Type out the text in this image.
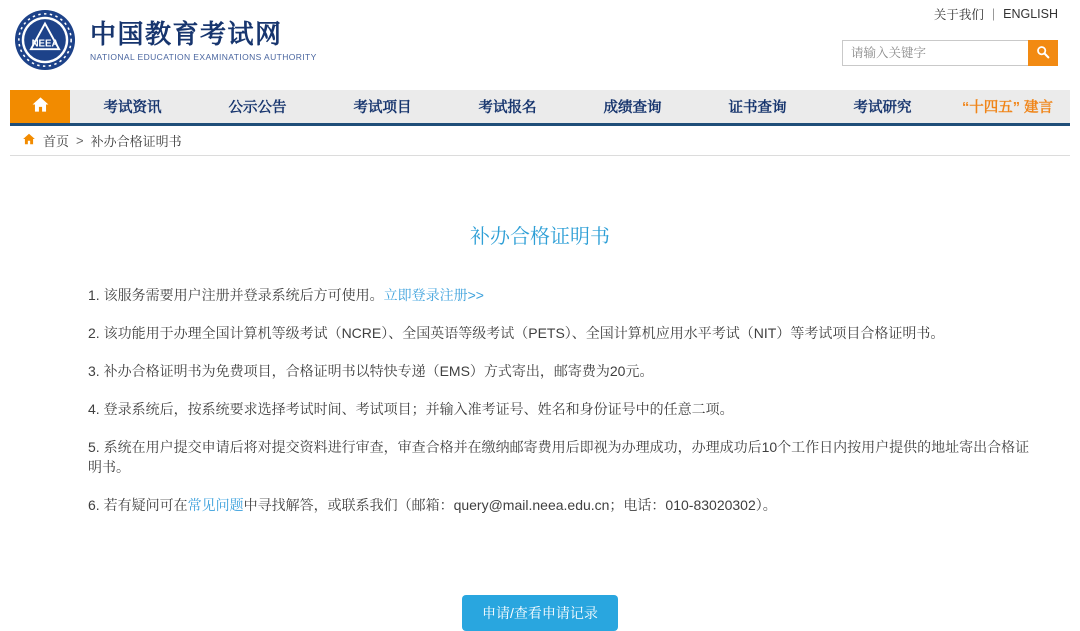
NEEA 中国教育考试网
NATIONAL EDUCATION EXAMINATIONS AUTHORITY
关于我们 | ENGLISH
请输入关键字
考试资讯	公示公告	考试项目	考试报名	成绩查询	证书查询	考试研究	“十四五” 建言
首页 > 补办合格证明书
补办合格证明书

1. 该服务需要用户注册并登录系统后方可使用。立即登录注册>>

2. 该功能用于办理全国计算机等级考试（NCRE）、全国英语等级考试（PETS）、全国计算机应用水平考试（NIT）等考试项目合格证明书。

3. 补办合格证明书为免费项目，合格证明书以特快专递（EMS）方式寄出，邮寄费为20元。

4. 登录系统后，按系统要求选择考试时间、考试项目；并输入准考证号、姓名和身份证号中的任意二项。

5. 系统在用户提交申请后将对提交资料进行审查，审查合格并在缴纳邮寄费用后即视为办理成功，办理成功后10个工作日内按用户提供的地址寄出合格证明书。

6. 若有疑问可在常见问题中寻找解答，或联系我们（邮箱：query@mail.neea.edu.cn；电话：010-83020302）。

申请/查看申请记录
